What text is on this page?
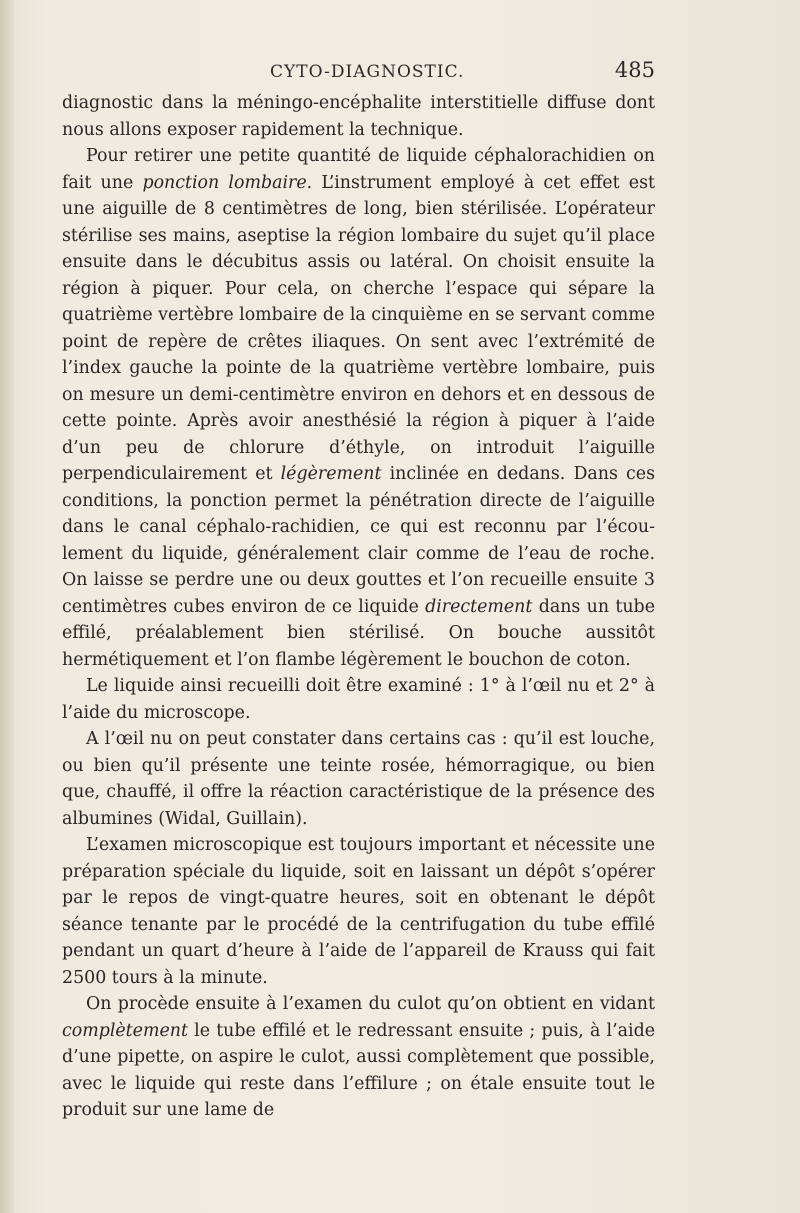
CYTO-DIAGNOSTIC.	485

diagnostic dans la méningo-encéphalite interstitielle diffuse dont nous allons exposer rapidement la technique.

Pour retirer une petite quantité de liquide céphalorachidien on fait une ponction lombaire. L’instrument employé à cet effet est une aiguille de 8 centimètres de long, bien stérilisée. L’opérateur stérilise ses mains, aseptise la région lombaire du sujet qu’il place ensuite dans le décubitus assis ou latéral. On choisit ensuite la région à piquer. Pour cela, on cherche l’espace qui sépare la quatrième vertèbre lombaire de la cinquième en se servant comme point de repère de crêtes iliaques. On sent avec l’extrémité de l’index gauche la pointe de la quatrième vertèbre lombaire, puis on mesure un demi-centimètre environ en dehors et en dessous de cette pointe. Après avoir anesthésié la région à piquer à l’aide d’un peu de chlorure d’éthyle, on introduit l’aiguille perpendiculairement et légèrement inclinée en dedans. Dans ces conditions, la ponction permet la pénétration directe de l’aiguille dans le canal céphalo-rachidien, ce qui est reconnu par l’écoulement du liquide, généralement clair comme de l’eau de roche. On laisse se perdre une ou deux gouttes et l’on recueille ensuite 3 centimètres cubes environ de ce liquide directement dans un tube effilé, préalablement bien stérilisé. On bouche aussitôt hermétiquement et l’on flambe légèrement le bouchon de coton.

Le liquide ainsi recueilli doit être examiné : 1° à l’œil nu et 2° à l’aide du microscope.

A l’œil nu on peut constater dans certains cas : qu’il est louche, ou bien qu’il présente une teinte rosée, hémorragique, ou bien que, chauffé, il offre la réaction caractéristique de la présence des albumines (Widal, Guillain).

L’examen microscopique est toujours important et nécessite une préparation spéciale du liquide, soit en laissant un dépôt s’opérer par le repos de vingt-quatre heures, soit en obtenant le dépôt séance tenante par le procédé de la centrifugation du tube effilé pendant un quart d’heure à l’aide de l’appareil de Krauss qui fait 2500 tours à la minute.

On procède ensuite à l’examen du culot qu’on obtient en vidant complètement le tube effilé et le redressant ensuite ; puis, à l’aide d’une pipette, on aspire le culot, aussi complètement que possible, avec le liquide qui reste dans l’effilure ; on étale ensuite tout le produit sur une lame de
